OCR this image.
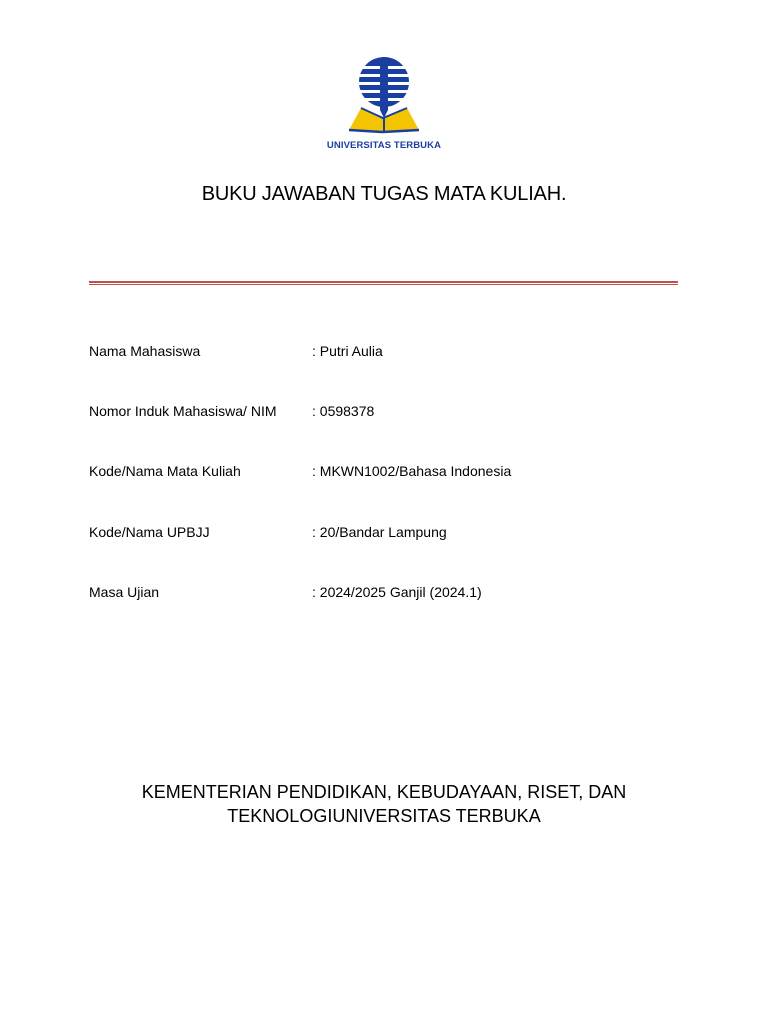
UNIVERSITAS TERBUKA
BUKU JAWABAN TUGAS MATA KULIAH.
Nama Mahasiswa	: Putri Aulia
Nomor Induk Mahasiswa/ NIM	: 0598378
Kode/Nama Mata Kuliah	: MKWN1002/Bahasa Indonesia
Kode/Nama UPBJJ	: 20/Bandar Lampung
Masa Ujian	: 2024/2025 Ganjil (2024.1)
KEMENTERIAN PENDIDIKAN, KEBUDAYAAN, RISET, DAN
TEKNOLOGIUNIVERSITAS TERBUKA
